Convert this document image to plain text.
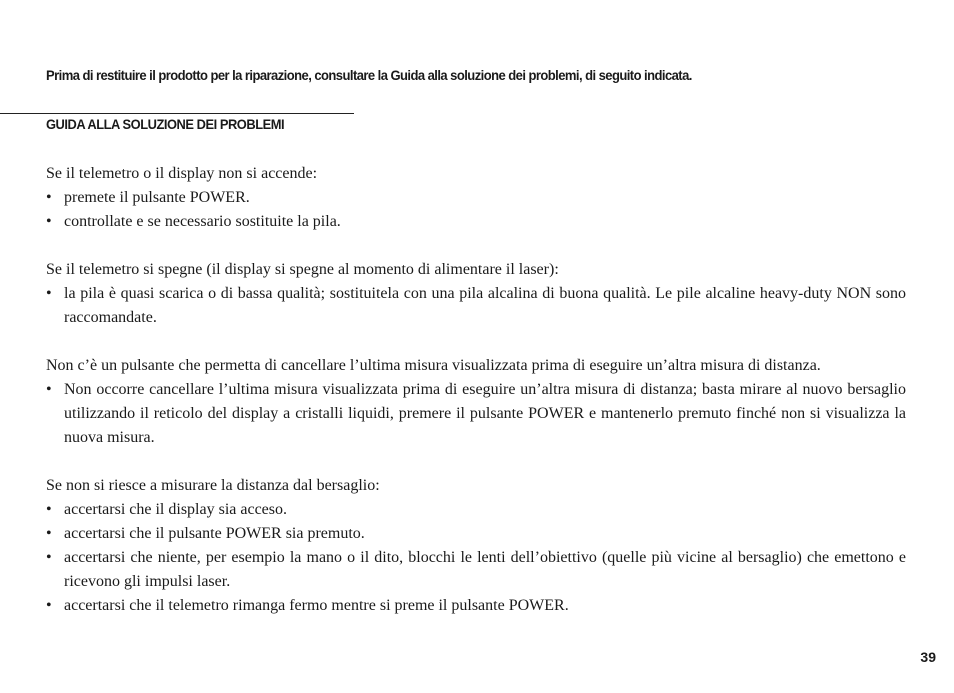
Prima di restituire il prodotto per la riparazione, consultare la Guida alla soluzione dei problemi, di seguito indicata.

GUIDA ALLA SOLUZIONE DEI PROBLEMI

Se il telemetro o il display non si accende:

• premete il pulsante POWER.
• controllate e se necessario sostituite la pila.

Se il telemetro si spegne (il display si spegne al momento di alimentare il laser):

• la pila è quasi scarica o di bassa qualità; sostituitela con una pila alcalina di buona qualità. Le pile alcaline heavy-duty NON sono raccomandate.

Non c’è un pulsante che permetta di cancellare l’ultima misura visualizzata prima di eseguire un’altra misura di distanza.

• Non occorre cancellare l’ultima misura visualizzata prima di eseguire un’altra misura di distanza; basta mirare al nuovo bersaglio utilizzando il reticolo del display a cristalli liquidi, premere il pulsante POWER e mantenerlo premuto finché non si visualizza la nuova misura.

Se non si riesce a misurare la distanza dal bersaglio:

• accertarsi che il display sia acceso.
• accertarsi che il pulsante POWER sia premuto.
• accertarsi che niente, per esempio la mano o il dito, blocchi le lenti dell’obiettivo (quelle più vicine al bersaglio) che emettono e ricevono gli impulsi laser.
• accertarsi che il telemetro rimanga fermo mentre si preme il pulsante POWER.

39
